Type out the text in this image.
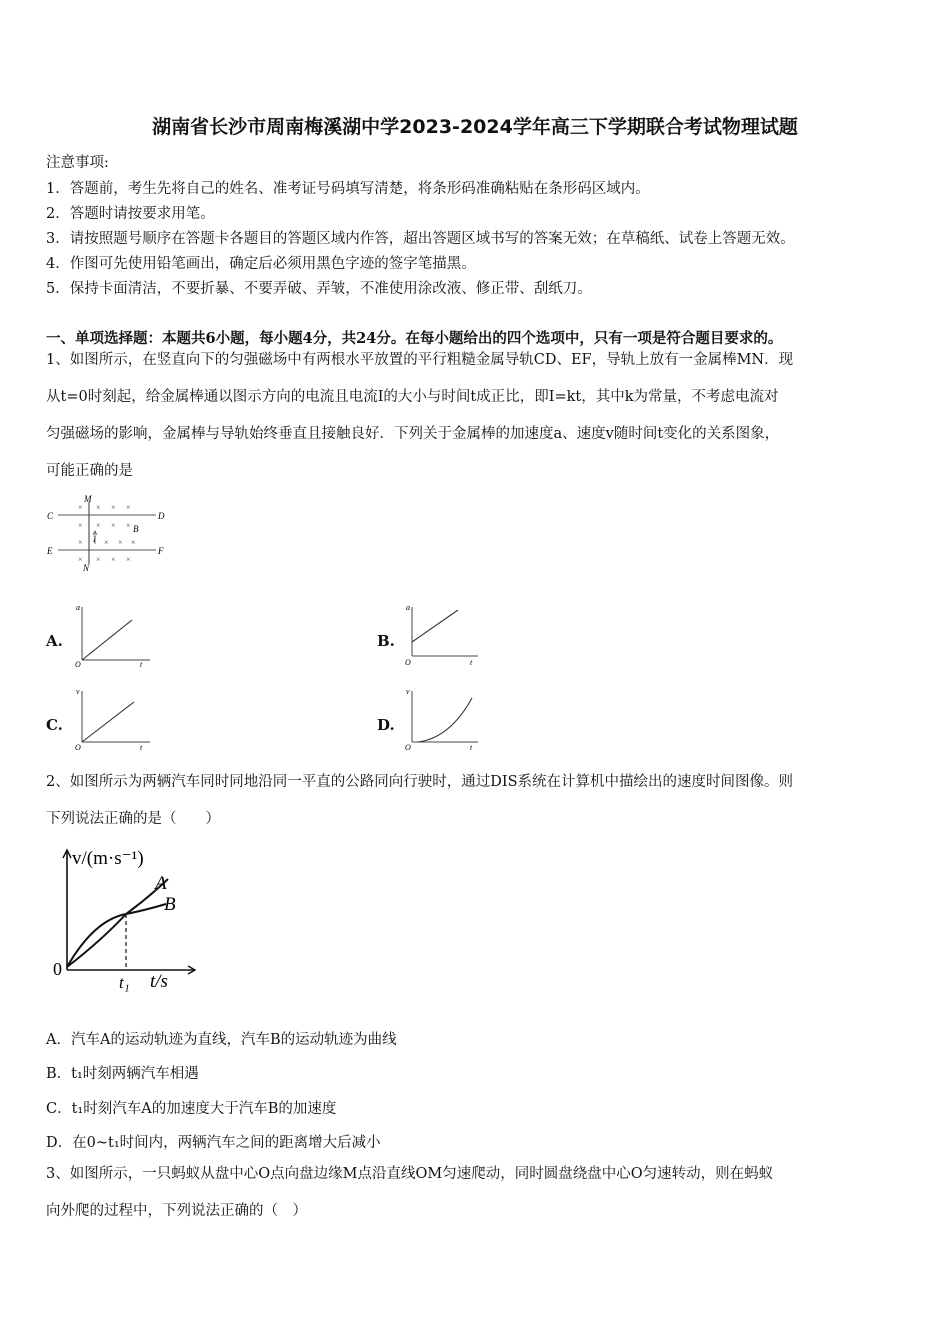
湖南省长沙市周南梅溪湖中学2023-2024学年高三下学期联合考试物理试题
注意事项:
1．答题前，考生先将自己的姓名、准考证号码填写清楚，将条形码准确粘贴在条形码区域内。
2．答题时请按要求用笔。
3．请按照题号顺序在答题卡各题目的答题区域内作答，超出答题区域书写的答案无效；在草稿纸、试卷上答题无效。
4．作图可先使用铅笔画出，确定后必须用黑色字迹的签字笔描黑。
5．保持卡面清洁，不要折暴、不要弄破、弄皱，不准使用涂改液、修正带、刮纸刀。
一、单项选择题：本题共6小题，每小题4分，共24分。在每小题给出的四个选项中，只有一项是符合题目要求的。

1、如图所示，在竖直向下的匀强磁场中有两根水平放置的平行粗糙金属导轨CD、EF，导轨上放有一金属棒MN．现

从t=0时刻起，给金属棒通以图示方向的电流且电流I的大小与时间t成正比，即I=kt，其中k为常量，不考虑电流对

匀强磁场的影响，金属棒与导轨始终垂直且接触良好．下列关于金属棒的加速度a、速度v随时间t变化的关系图象，

可能正确的是

C	D
E	F
M
N
B
I
× × × ×
× × × ×
×	× × ×
× × × ×
A.
a
t
O
B.
a
t
O
C.
v
t
O
D.
v
t
O

2、如图所示为两辆汽车同时同地沿同一平直的公路同向行驶时，通过DIS系统在计算机中描绘出的速度时间图像。则

下列说法正确的是（　　）

v/(m·s⁻¹)
t/s
0
t₁
A
B
A．汽车A的运动轨迹为直线，汽车B的运动轨迹为曲线
B．t₁时刻两辆汽车相遇
C．t₁时刻汽车A的加速度大于汽车B的加速度
D．在0~t₁时间内，两辆汽车之间的距离增大后减小

3、如图所示，一只蚂蚁从盘中心O点向盘边缘M点沿直线OM匀速爬动，同时圆盘绕盘中心O匀速转动，则在蚂蚁

向外爬的过程中，下列说法正确的（　）
